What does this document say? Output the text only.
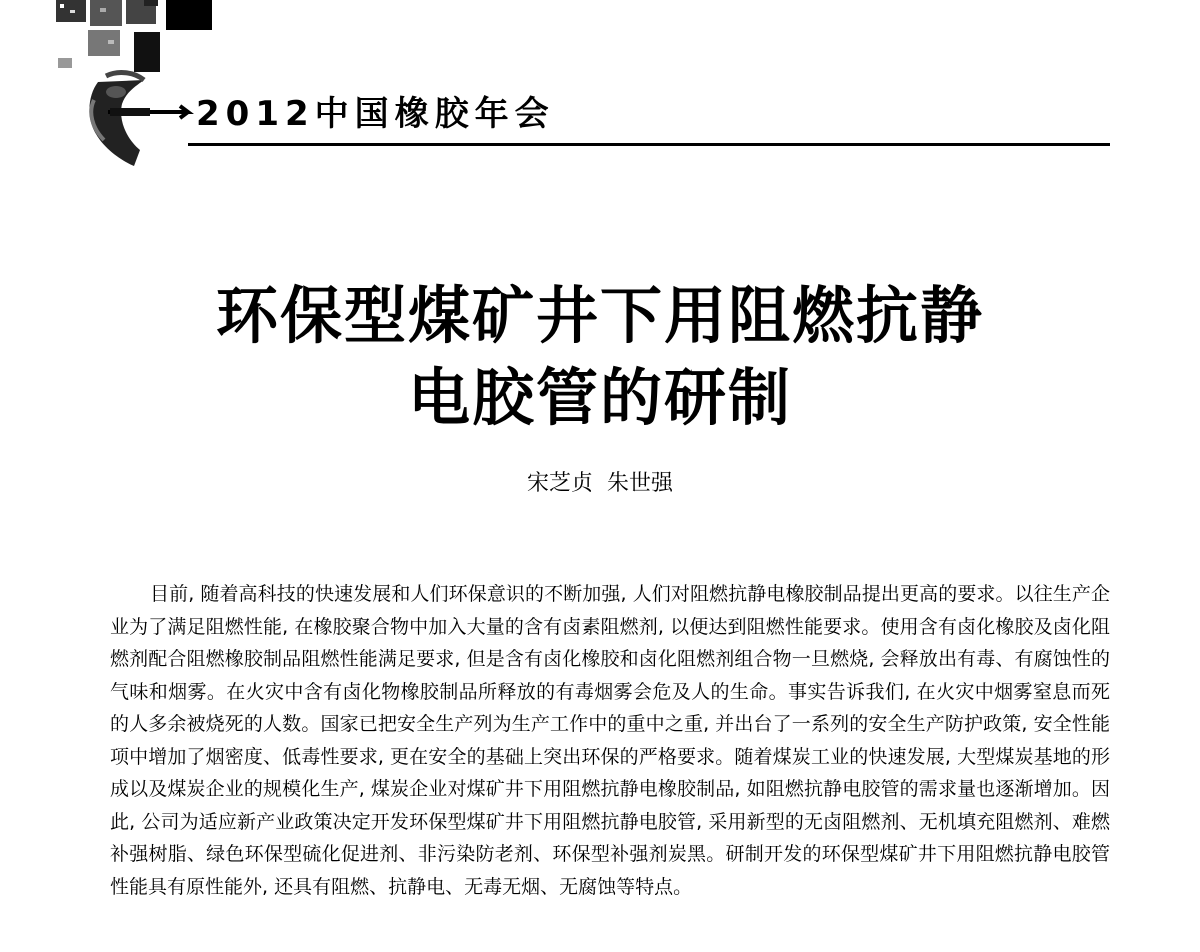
2012中国橡胶年会
环保型煤矿井下用阻燃抗静
电胶管的研制
宋芝贞  朱世强

目前, 随着高科技的快速发展和人们环保意识的不断加强, 人们对阻燃抗静电橡胶制品提出更高的要求。以往生产企业为了满足阻燃性能, 在橡胶聚合物中加入大量的含有卤素阻燃剂, 以便达到阻燃性能要求。使用含有卤化橡胶及卤化阻燃剂配合阻燃橡胶制品阻燃性能满足要求, 但是含有卤化橡胶和卤化阻燃剂组合物一旦燃烧, 会释放出有毒、有腐蚀性的气味和烟雾。在火灾中含有卤化物橡胶制品所释放的有毒烟雾会危及人的生命。事实告诉我们, 在火灾中烟雾窒息而死的人多余被烧死的人数。国家已把安全生产列为生产工作中的重中之重, 并出台了一系列的安全生产防护政策, 安全性能项中增加了烟密度、低毒性要求, 更在安全的基础上突出环保的严格要求。随着煤炭工业的快速发展, 大型煤炭基地的形成以及煤炭企业的规模化生产, 煤炭企业对煤矿井下用阻燃抗静电橡胶制品, 如阻燃抗静电胶管的需求量也逐渐增加。因此, 公司为适应新产业政策决定开发环保型煤矿井下用阻燃抗静电胶管, 采用新型的无卤阻燃剂、无机填充阻燃剂、难燃补强树脂、绿色环保型硫化促进剂、非污染防老剂、环保型补强剂炭黑。研制开发的环保型煤矿井下用阻燃抗静电胶管性能具有原性能外, 还具有阻燃、抗静电、无毒无烟、无腐蚀等特点。
